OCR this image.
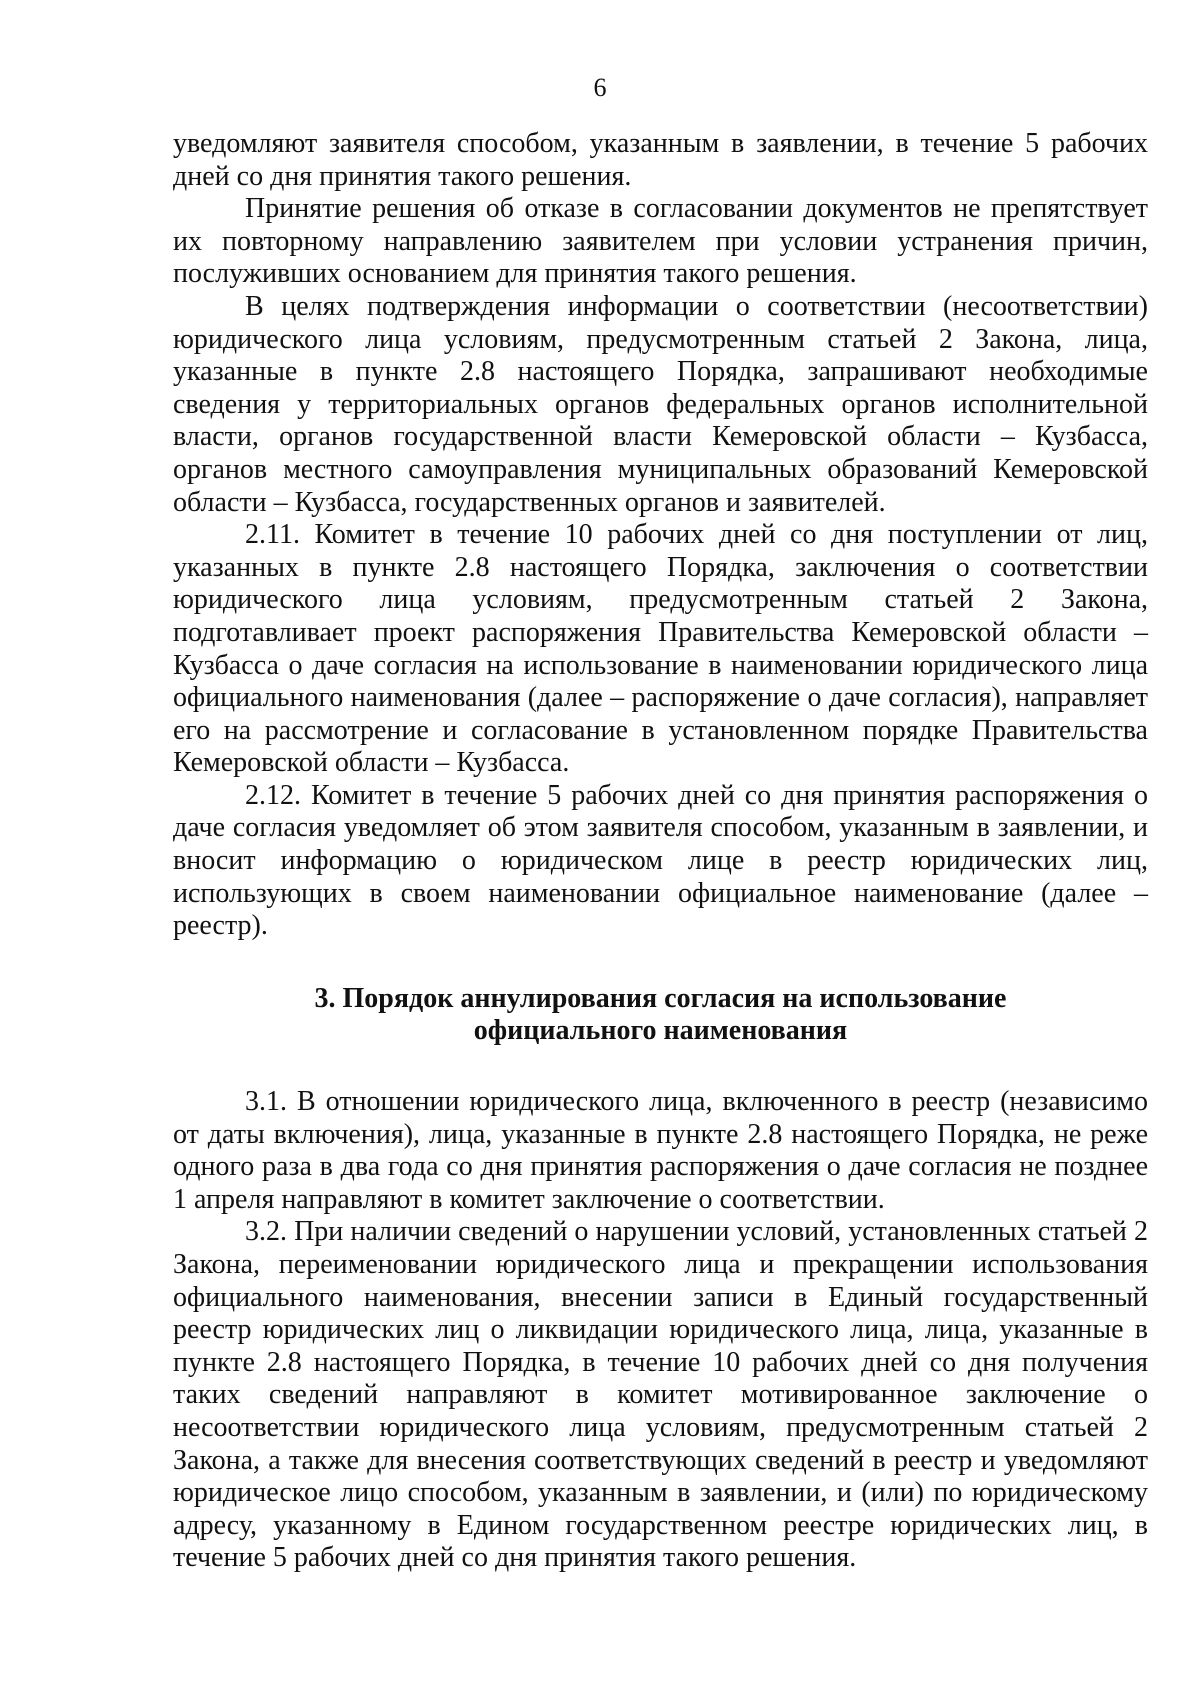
6

уведомляют заявителя способом, указанным в заявлении, в течение 5 рабочих дней со дня принятия такого решения.

Принятие решения об отказе в согласовании документов не препятствует их повторному направлению заявителем при условии устранения причин, послуживших основанием для принятия такого решения.

В целях подтверждения информации о соответствии (несоответствии) юридического лица условиям, предусмотренным статьей 2 Закона, лица, указанные в пункте 2.8 настоящего Порядка, запрашивают необходимые сведения у территориальных органов федеральных органов исполнительной власти, органов государственной власти Кемеровской области – Кузбасса, органов местного самоуправления муниципальных образований Кемеровской области – Кузбасса, государственных органов и заявителей.

2.11. Комитет в течение 10 рабочих дней со дня поступлении от лиц, указанных в пункте 2.8 настоящего Порядка, заключения о соответствии юридического лица условиям, предусмотренным статьей 2 Закона, подготавливает проект распоряжения Правительства Кемеровской области – Кузбасса о даче согласия на использование в наименовании юридического лица официального наименования (далее – распоряжение о даче согласия), направляет его на рассмотрение и согласование в установленном порядке Правительства Кемеровской области – Кузбасса.

2.12. Комитет в течение 5 рабочих дней со дня принятия распоряжения о даче согласия уведомляет об этом заявителя способом, указанным в заявлении, и вносит информацию о юридическом лице в реестр юридических лиц, использующих в своем наименовании официальное наименование (далее – реестр).

3. Порядок аннулирования согласия на использование
официального наименования

3.1. В отношении юридического лица, включенного в реестр (независимо от даты включения), лица, указанные в пункте 2.8 настоящего Порядка, не реже одного раза в два года со дня принятия распоряжения о даче согласия не позднее 1 апреля направляют в комитет заключение о соответствии.

3.2. При наличии сведений о нарушении условий, установленных статьей 2 Закона, переименовании юридического лица и прекращении использования официального наименования, внесении записи в Единый государственный реестр юридических лиц о ликвидации юридического лица, лица, указанные в пункте 2.8 настоящего Порядка, в течение 10 рабочих дней со дня получения таких сведений направляют в комитет мотивированное заключение о несоответствии юридического лица условиям, предусмотренным статьей 2 Закона, а также для внесения соответствующих сведений в реестр и уведомляют юридическое лицо способом, указанным в заявлении, и (или) по юридическому адресу, указанному в Едином государственном реестре юридических лиц, в течение 5 рабочих дней со дня принятия такого решения.
